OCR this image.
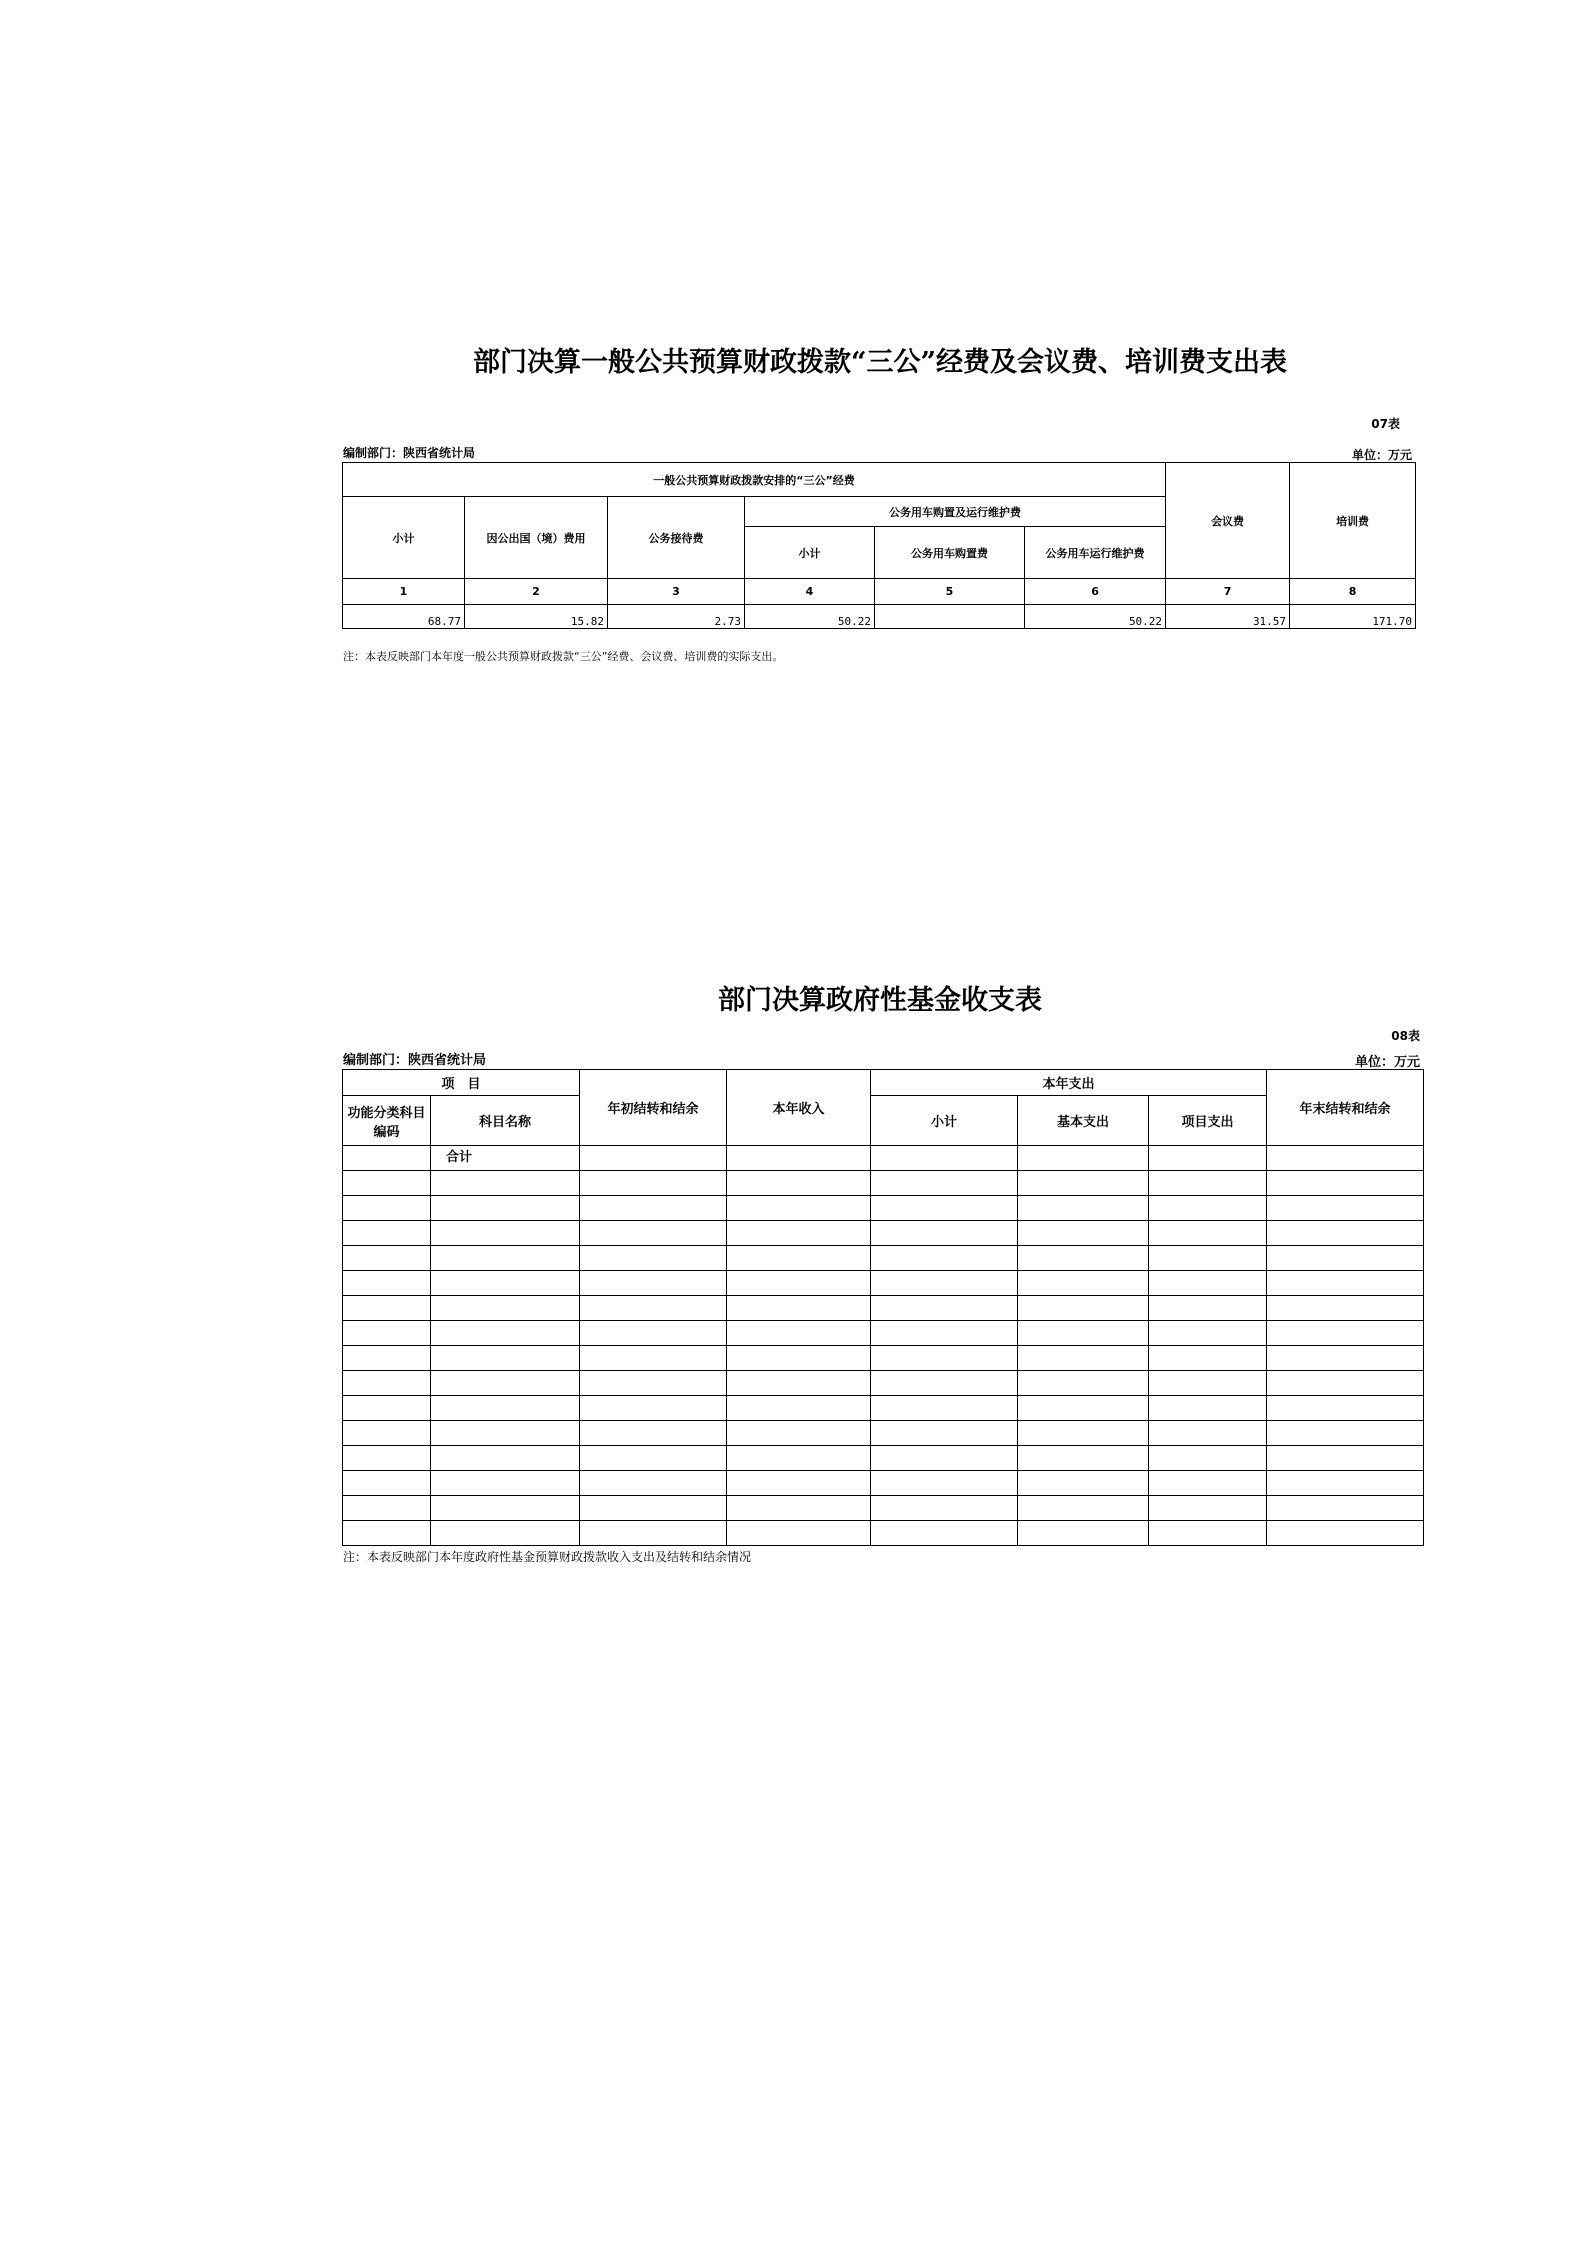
部门决算一般公共预算财政拨款“三公”经费及会议费、培训费支出表
07表
编制部门：陕西省统计局	单位：万元
一般公共预算财政拨款安排的“三公”经费						会议费	培训费
小计	因公出国（境）费用	公务接待费	公务用车购置及运行维护费				
			小计	公务用车购置费	公务用车运行维护费		
1	2	3	4	5	6	7	8
68.77	15.82	2.73	50.22		50.22	31.57	171.70
注：本表反映部门本年度一般公共预算财政拨款“三公”经费、会议费、培训费的实际支出。
部门决算政府性基金收支表
08表
编制部门：陕西省统计局	单位：万元
项　目		年初结转和结余	本年收入	本年支出			年末结转和结余
功能分类科目编码	科目名称			小计	基本支出	项目支出	
	合计						

注：本表反映部门本年度政府性基金预算财政拨款收入支出及结转和结余情况
